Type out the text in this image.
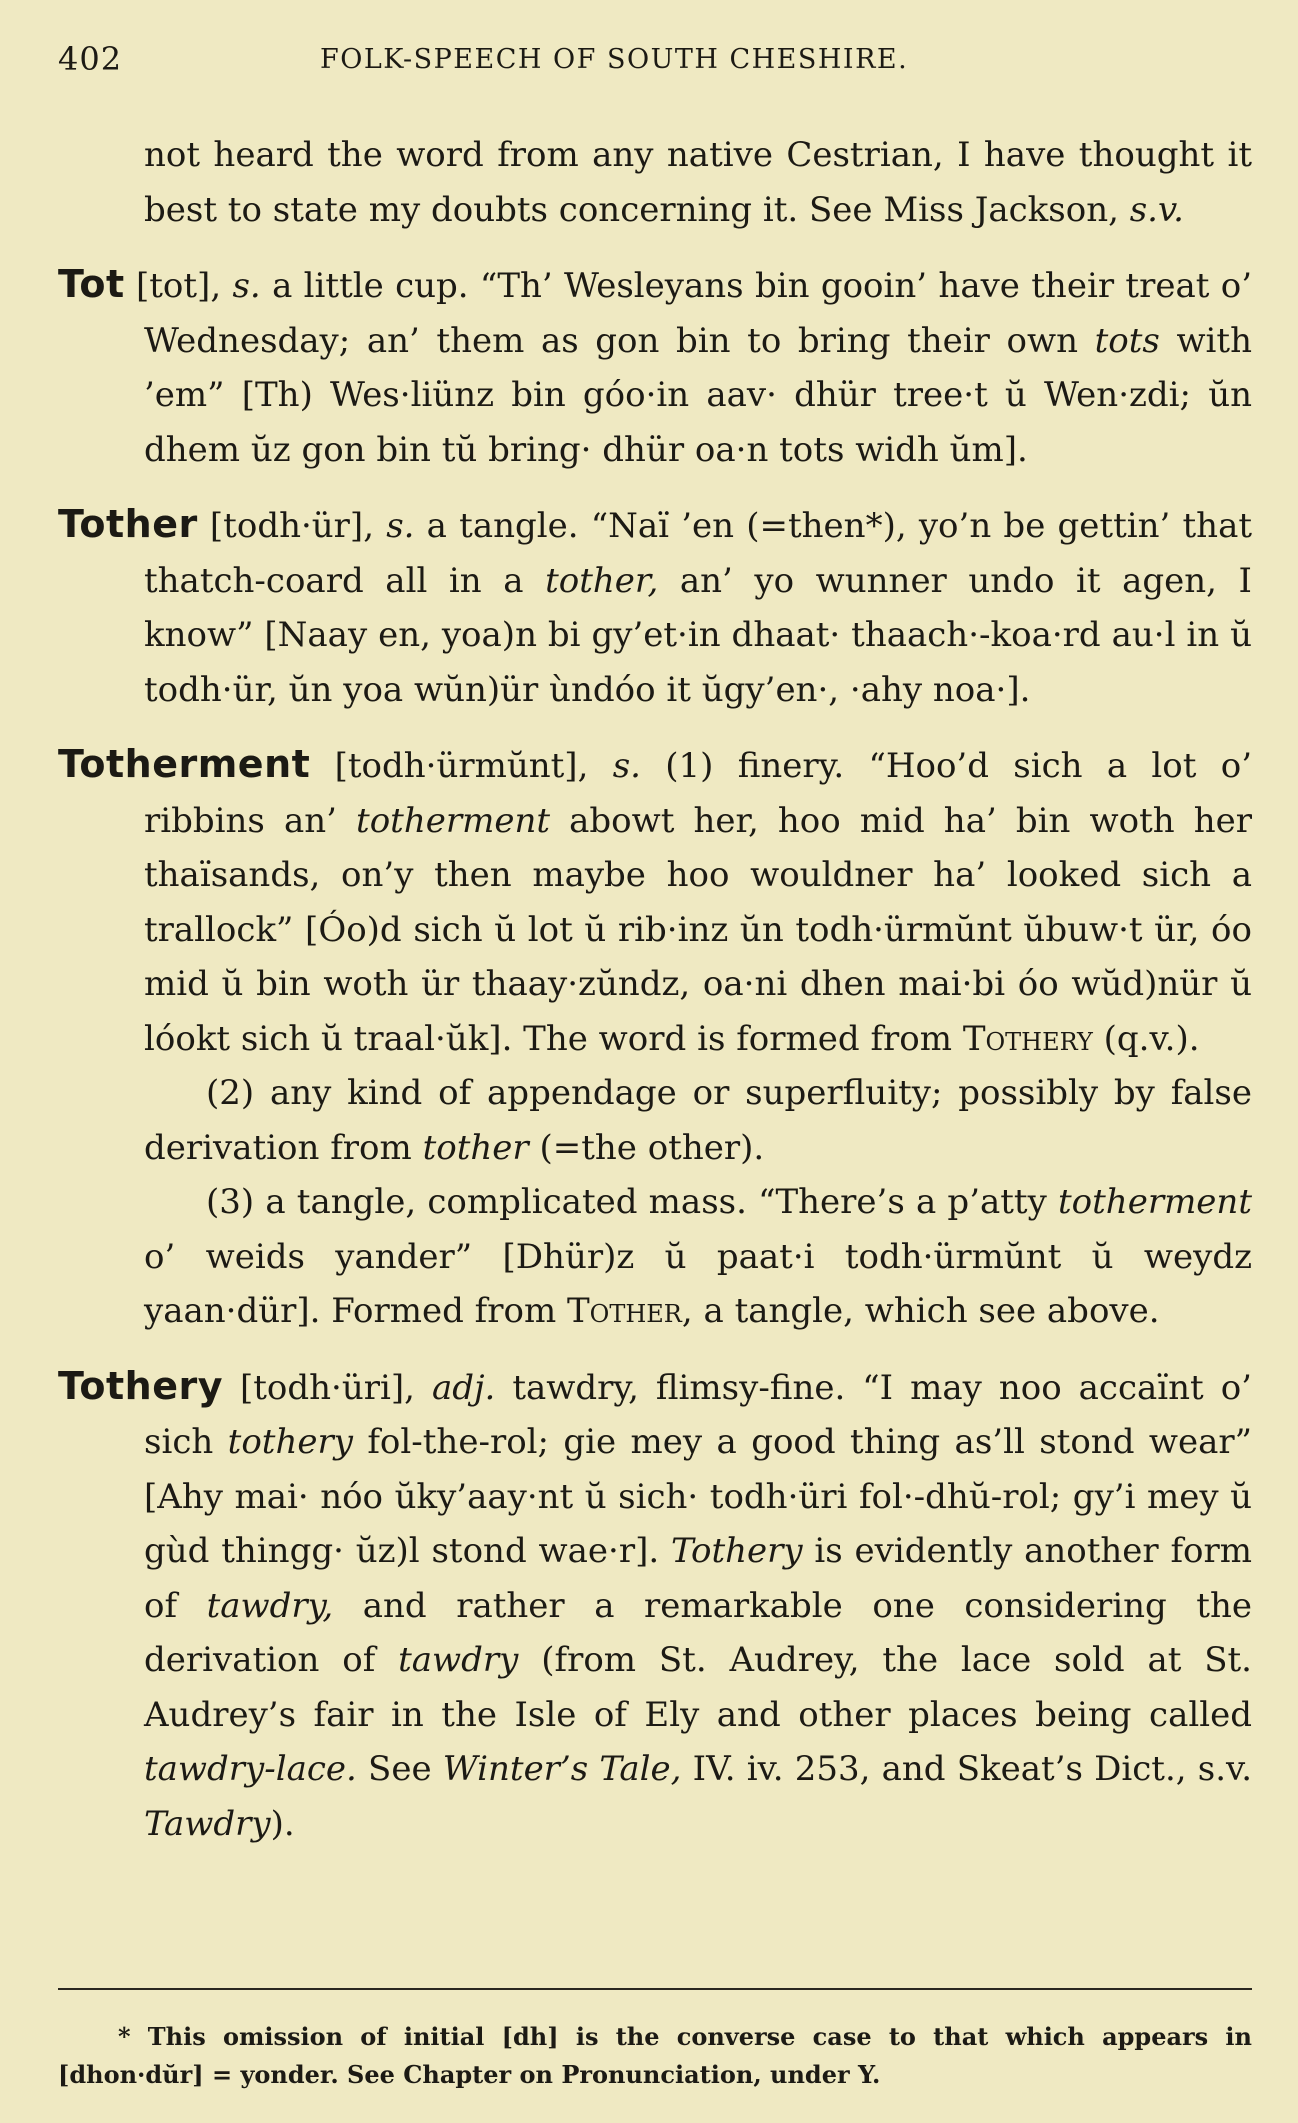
402	FOLK-SPEECH OF SOUTH CHESHIRE.

not heard the word from any native Cestrian, I have thought it best to state my doubts concerning it. See Miss Jackson, s.v.

Tot [tot], s. a little cup. “Th’ Wesleyans bin gooin’ have their treat o’ Wednesday; an’ them as gon bin to bring their own tots with ’em” [Th) Wes·liünz bin góo·in aav· dhür tree·t ŭ Wen·zdi; ŭn dhem ŭz gon bin tŭ bring· dhür oa·n tots widh ŭm].

Tother [todh·ür], s. a tangle. “Naï ’en (=then*), yo’n be gettin’ that thatch-coard all in a tother, an’ yo wunner undo it agen, I know” [Naay en, yoa)n bi gy’et·in dhaat· thaach·-koa·rd au·l in ŭ todh·ür, ŭn yoa wŭn)ür ùndóo it ŭgy’en·, ·ahy noa·].

Totherment [todh·ürmŭnt], s. (1) finery. “Hoo’d sich a lot o’ ribbins an’ totherment abowt her, hoo mid ha’ bin woth her thaïsands, on’y then maybe hoo wouldner ha’ looked sich a trallock” [Óo)d sich ŭ lot ŭ rib·inz ŭn todh·ürmŭnt ŭbuw·t ür, óo mid ŭ bin woth ür thaay·zŭndz, oa·ni dhen mai·bi óo wŭd)nür ŭ lóokt sich ŭ traal·ŭk]. The word is formed from Tothery (q.v.).

(2) any kind of appendage or superfluity; possibly by false derivation from tother (=the other).

(3) a tangle, complicated mass. “There’s a p’atty totherment o’ weids yander” [Dhür)z ŭ paat·i todh·ürmŭnt ŭ weydz yaan·dür]. Formed from Tother, a tangle, which see above.

Tothery [todh·üri], adj. tawdry, flimsy-fine. “I may noo accaïnt o’ sich tothery fol-the-rol; gie mey a good thing as’ll stond wear” [Ahy mai· nóo ŭky’aay·nt ŭ sich· todh·üri fol·-dhŭ-rol; gy’i mey ŭ gùd thingg· ŭz)l stond wae·r]. Tothery is evidently another form of tawdry, and rather a remarkable one considering the derivation of tawdry (from St. Audrey, the lace sold at St. Audrey’s fair in the Isle of Ely and other places being called tawdry-lace. See Winter’s Tale, IV. iv. 253, and Skeat’s Dict., s.v. Tawdry).

* This omission of initial [dh] is the converse case to that which appears in [dhon·dŭr] = yonder. See Chapter on Pronunciation, under Y.
